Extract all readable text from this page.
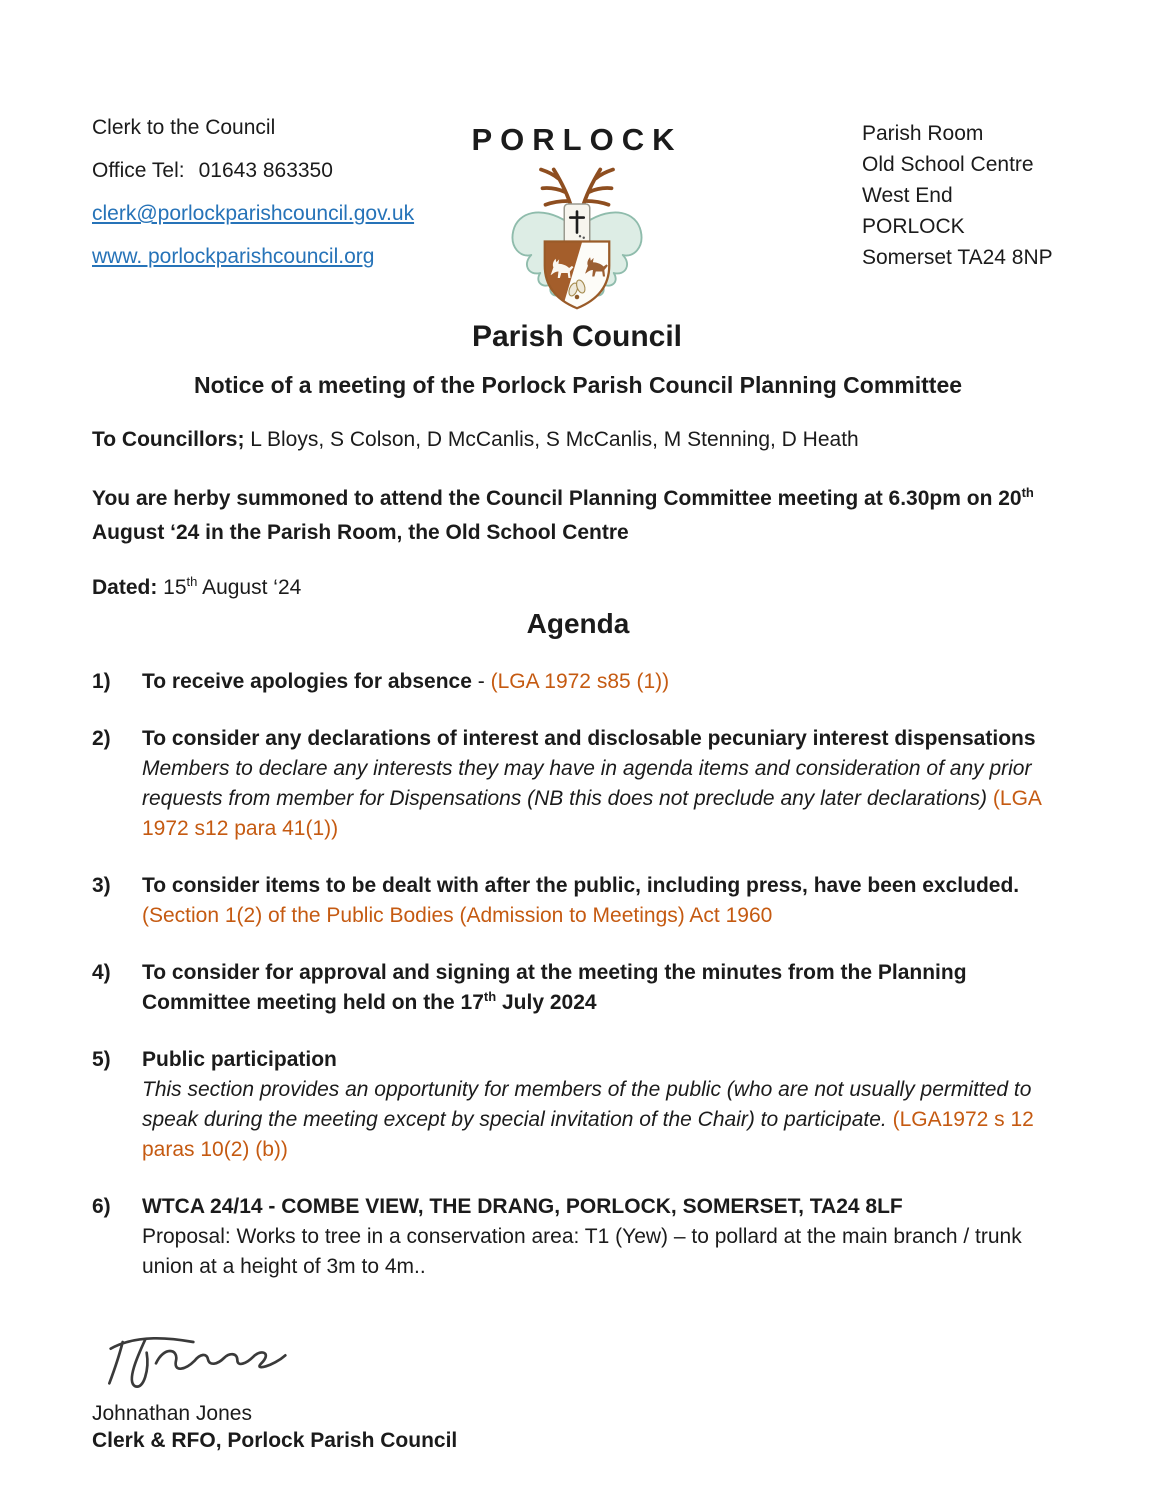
Clerk to the Council
Office Tel: 01643 863350
clerk@porlockparishcouncil.gov.uk
www. porlockparishcouncil.org
PORLOCK
Parish Council
Parish Room
Old School Centre
West End
PORLOCK
Somerset TA24 8NP
Notice of a meeting of the Porlock Parish Council Planning Committee
To Councillors; L Bloys, S Colson, D McCanlis, S McCanlis, M Stenning, D Heath
You are herby summoned to attend the Council Planning Committee meeting at 6.30pm on 20th
August ‘24 in the Parish Room, the Old School Centre
Dated: 15th August ‘24
Agenda
1)	To receive apologies for absence - (LGA 1972 s85 (1))
2)	To consider any declarations of interest and disclosable pecuniary interest dispensations
Members to declare any interests they may have in agenda items and consideration of any prior requests from member for Dispensations (NB this does not preclude any later declarations) (LGA 1972 s12 para 41(1))
3)	To consider items to be dealt with after the public, including press, have been excluded. (Section 1(2) of the Public Bodies (Admission to Meetings) Act 1960
4)	To consider for approval and signing at the meeting the minutes from the Planning Committee meeting held on the 17th July 2024
5)	Public participation
This section provides an opportunity for members of the public (who are not usually permitted to speak during the meeting except by special invitation of the Chair) to participate. (LGA1972 s 12 paras 10(2) (b))
6)	WTCA 24/14 - COMBE VIEW, THE DRANG, PORLOCK, SOMERSET, TA24 8LF
Proposal: Works to tree in a conservation area: T1 (Yew) – to pollard at the main branch / trunk union at a height of 3m to 4m..
Johnathan Jones
Clerk & RFO, Porlock Parish Council
